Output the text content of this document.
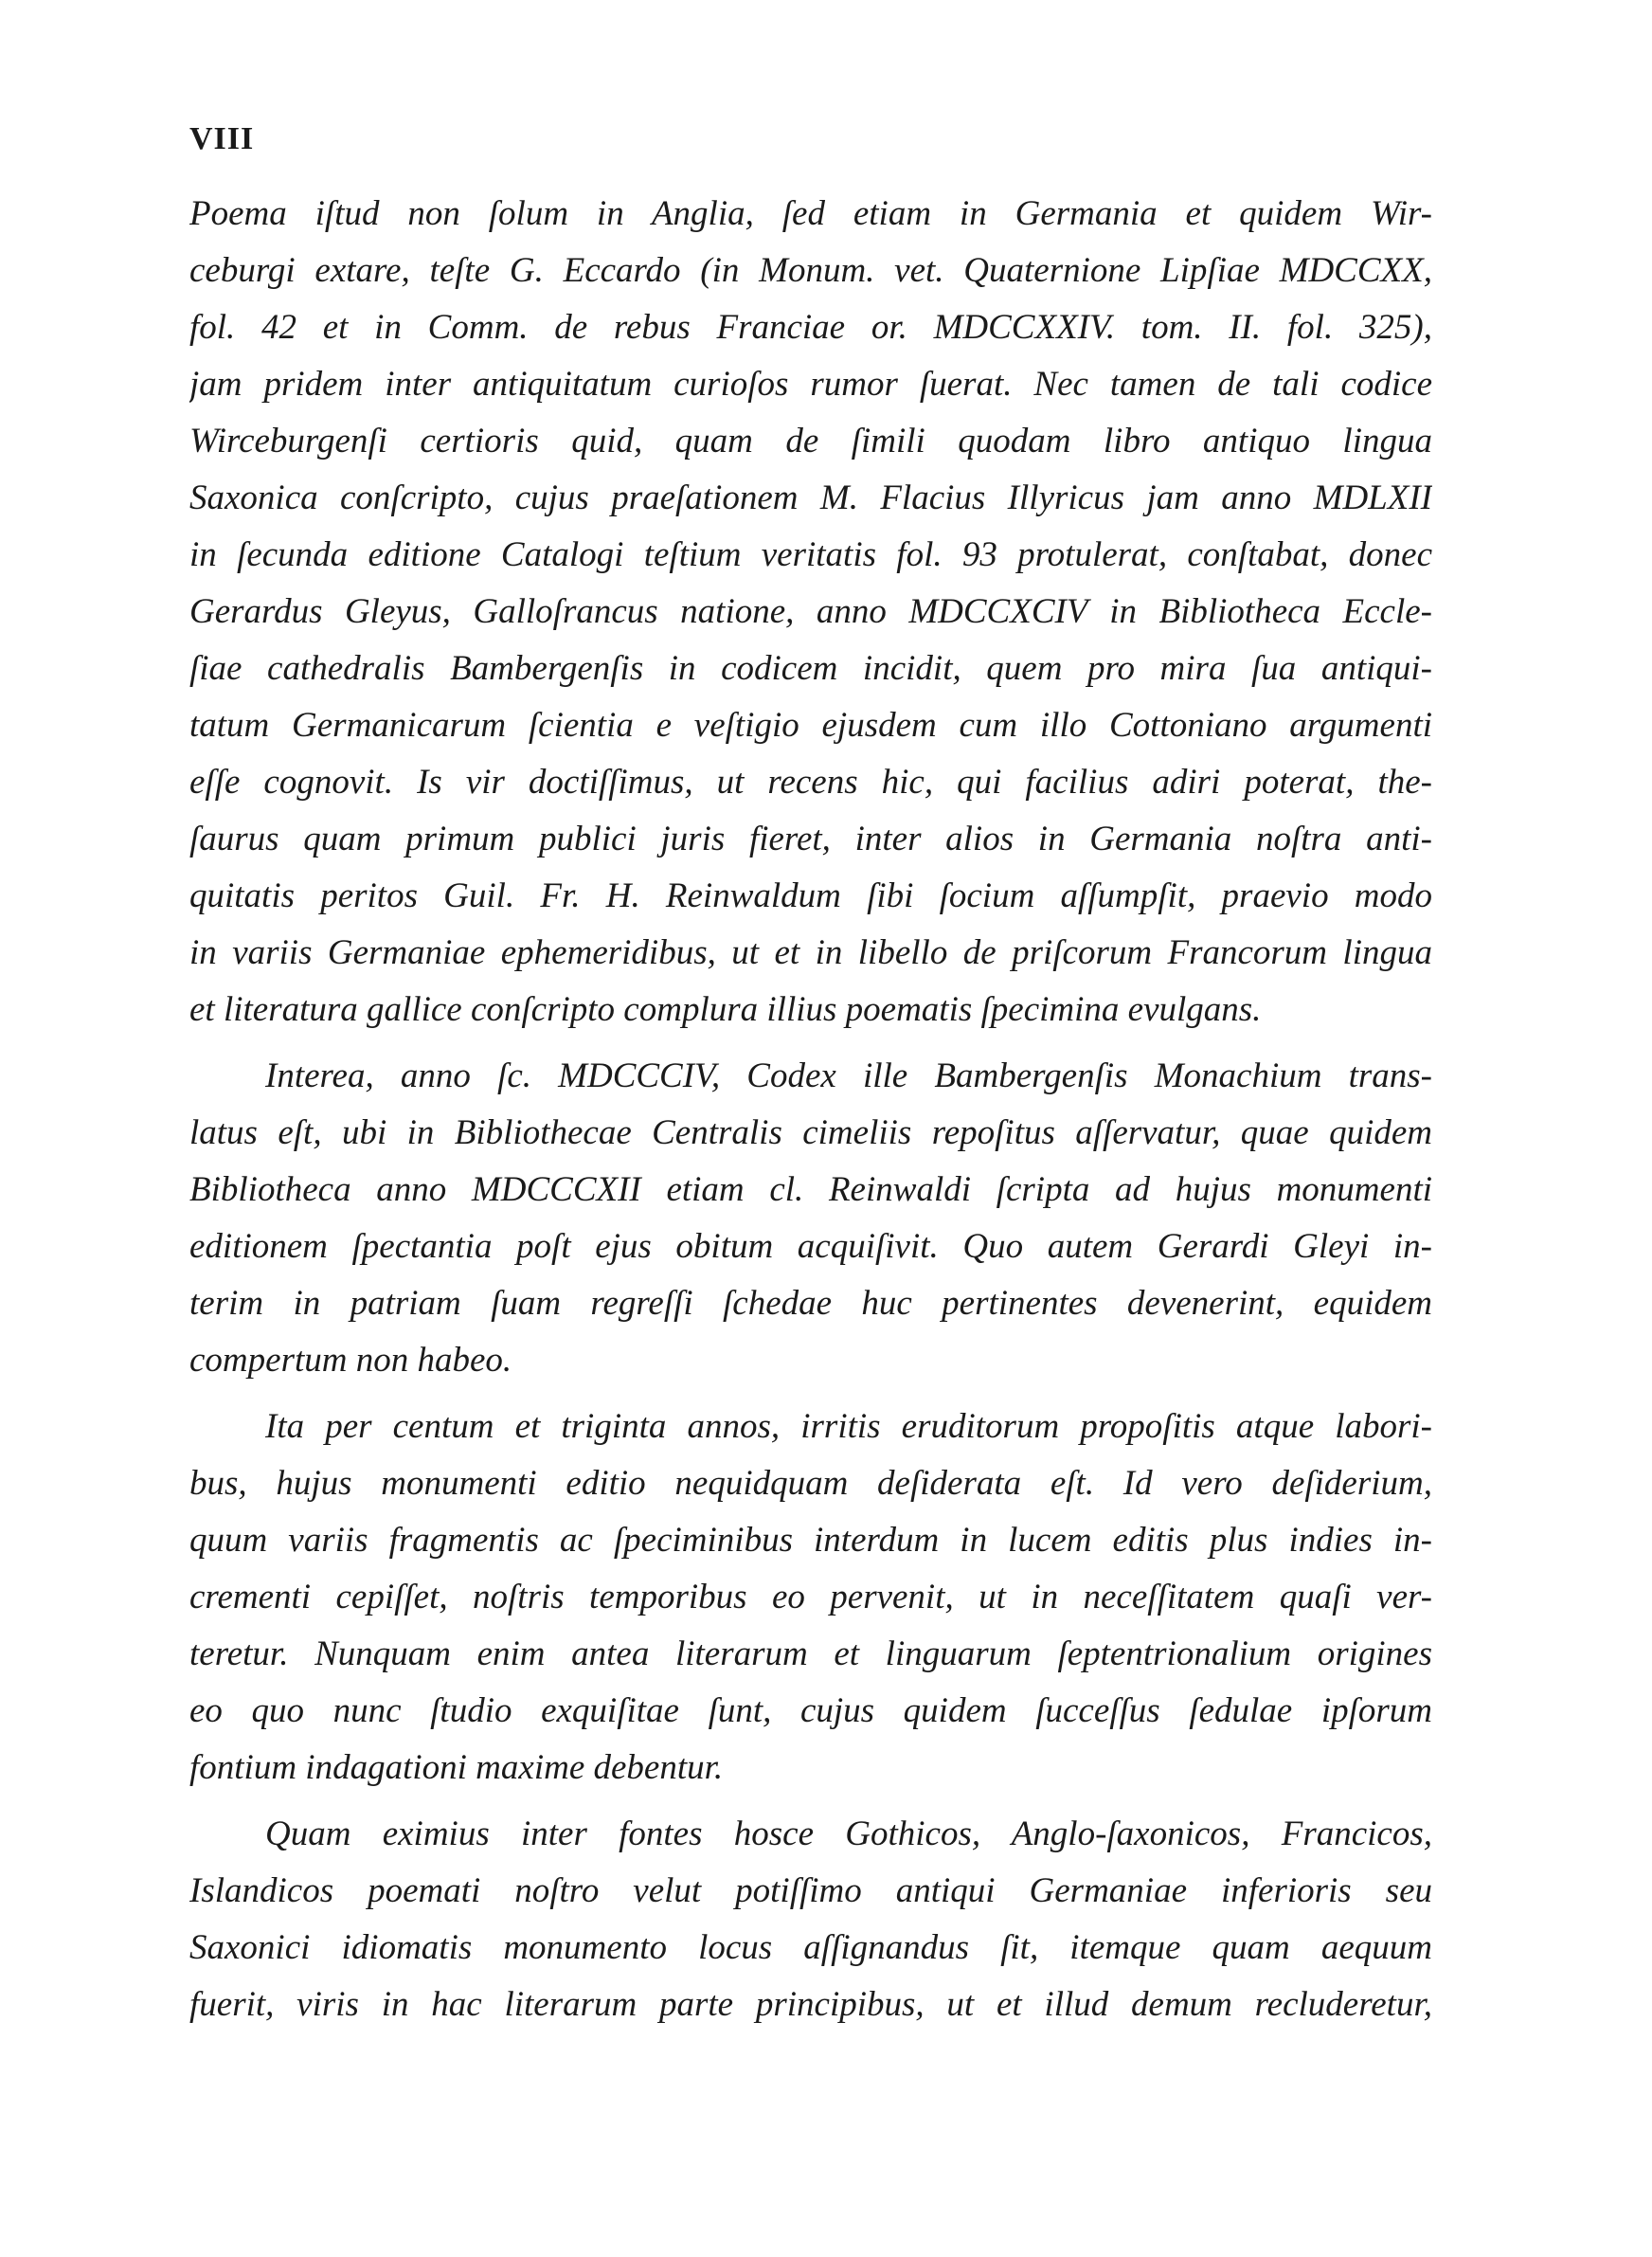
VIII
Poema iſtud non ſolum in Anglia, ſed etiam in Germania et quidem Wir-
ceburgi extare, teſte G. Eccardo (in Monum. vet. Quaternione Lipſiae MDCCXX,
fol. 42 et in Comm. de rebus Franciae or. MDCCXXIV. tom. II. fol. 325),
jam pridem inter antiquitatum curioſos rumor ſuerat. Nec tamen de tali codice
Wirceburgenſi certioris quid, quam de ſimili quodam libro antiquo lingua
Saxonica conſcripto, cujus praeſationem M. Flacius Illyricus jam anno MDLXII
in ſecunda editione Catalogi teſtium veritatis fol. 93 protulerat, conſtabat, donec
Gerardus Gleyus, Galloſrancus natione, anno MDCCXCIV in Bibliotheca Eccle-
ſiae cathedralis Bambergenſis in codicem incidit, quem pro mira ſua antiqui-
tatum Germanicarum ſcientia e veſtigio ejusdem cum illo Cottoniano argumenti
eſſe cognovit. Is vir doctiſſimus, ut recens hic, qui facilius adiri poterat, the-
ſaurus quam primum publici juris fieret, inter alios in Germania noſtra anti-
quitatis peritos Guil. Fr. H. Reinwaldum ſibi ſocium aſſumpſit, praevio modo
in variis Germaniae ephemeridibus, ut et in libello de priſcorum Francorum lingua
et literatura gallice conſcripto complura illius poematis ſpecimina evulgans.
Interea, anno ſc. MDCCCIV, Codex ille Bambergenſis Monachium trans-
latus eſt, ubi in Bibliothecae Centralis cimeliis repoſitus aſſervatur, quae quidem
Bibliotheca anno MDCCCXII etiam cl. Reinwaldi ſcripta ad hujus monumenti
editionem ſpectantia poſt ejus obitum acquiſivit. Quo autem Gerardi Gleyi in-
terim in patriam ſuam regreſſi ſchedae huc pertinentes devenerint, equidem
compertum non habeo.
Ita per centum et triginta annos, irritis eruditorum propoſitis atque labori-
bus, hujus monumenti editio nequidquam deſiderata eſt. Id vero deſiderium,
quum variis fragmentis ac ſpeciminibus interdum in lucem editis plus indies in-
crementi cepiſſet, noſtris temporibus eo pervenit, ut in neceſſitatem quaſi ver-
teretur. Nunquam enim antea literarum et linguarum ſeptentrionalium origines
eo quo nunc ſtudio exquiſitae ſunt, cujus quidem ſucceſſus ſedulae ipſorum
fontium indagationi maxime debentur.
Quam eximius inter fontes hosce Gothicos, Anglo-ſaxonicos, Francicos,
Islandicos poemati noſtro velut potiſſimo antiqui Germaniae inferioris seu
Saxonici idiomatis monumento locus aſſignandus ſit, itemque quam aequum
fuerit, viris in hac literarum parte principibus, ut et illud demum recluderetur,
